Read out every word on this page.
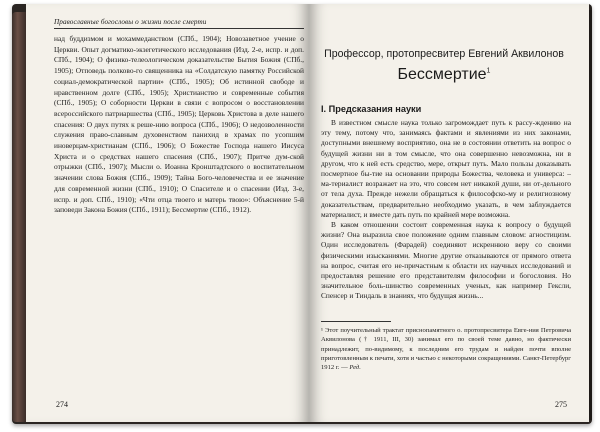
Православные богословы о жизни после смерти

над буддизмом и мохаммеданством (СПб., 1904); Новозаветное учение о Церкви. Опыт догматико-экзегетического исследования (Изд. 2-е, испр. и доп. СПб., 1904); О физико-телеологическом доказательстве Бытия Божия (СПб., 1905); Отповедь полково-го священника на «Солдатскую памятку Российской социал-демократической партии» (СПб., 1905); Об истинной свободе и нравственном долге (СПб., 1905); Христианство и современные события (СПб., 1905); О соборности Церкви в связи с вопросом о восстановлении всероссийского патриаршества (СПб., 1905); Церковь Христова в деле нашего спасения: О двух путях к реше-нию вопроса (СПб., 1906); О недозволенности служения право-славным духовенством панихид в храмах по усопшим иноверцам-христианам (СПб., 1906); О Божестве Господа нашего Иисуса Христа и о средствах нашего спасения (СПб., 1907); Притче дум-ской отрыжки (СПб., 1907); Мысли о. Иоанна Кронштадтского о воспитательном значении слова Божия (СПб., 1909); Тайна Бого-человечества и ее значение для современной жизни (СПб., 1910); О Спасителе и о спасении (Изд. 3-е, испр. и доп. СПб., 1910); «Чти отца твоего и матерь твою»: Объяснение 5-й заповеди Закона Божия (СПб., 1911); Бессмертие (СПб., 1912).

274
Профессор, протопресвитер Евгений Аквилонов
Бессмертие$^1$
I. Предсказания науки

В известном смысле наука только загромождает путь к рассу-ждению на эту тему, потому что, занимаясь фактами и явлениями из них законами, доступными внешнему восприятию, она не в состоянии ответить на вопрос о будущей жизни ни в том смысле, что она совершенно невозможна, ни в другом, что к ней есть средство, мере, открыт путь. Мало пользы доказывать посмертное бы-тие на основании природы Божества, человека и универса: – ма-териалист возражает на это, что совсем нет никакой души, ни от-дельного от тела духа. Прежде нежели обращаться к философско-му и религиозному доказательствам, предварительно необходимо указать, в чем заблуждается материалист, и вместе дать путь по крайней мере возможна.

В каком отношении состоит современная наука к вопросу о будущей жизни? Она выразила свое положение одним главным словом: агностицизм. Один исследователь (Фарадей) соединяют искреннюю веру со своими физическими изысканиями. Многие другие отказываются от прямого ответа на вопрос, считая его не-причастным к области их научных исследований и предоставляя решение его представителям философии и богословия. Но значительное боль-шинство современных ученых, как например Гексли, Спенсер и Тиндаль в знаниях, что будущая жизнь...

¹ Этот поучительный трактат приснопамятного о. протопресвитера Евге-ния Петровича Аквилонова († 1911, III, 30) занимал его по своей теме давно, но фактически принадлежит, по-видимому, к последним его трудам и найден почти вполне приготовленным к печати, хотя и частью с некоторыми сокращениями. Санкт-Петербург 1912 г. — Ред.

275
